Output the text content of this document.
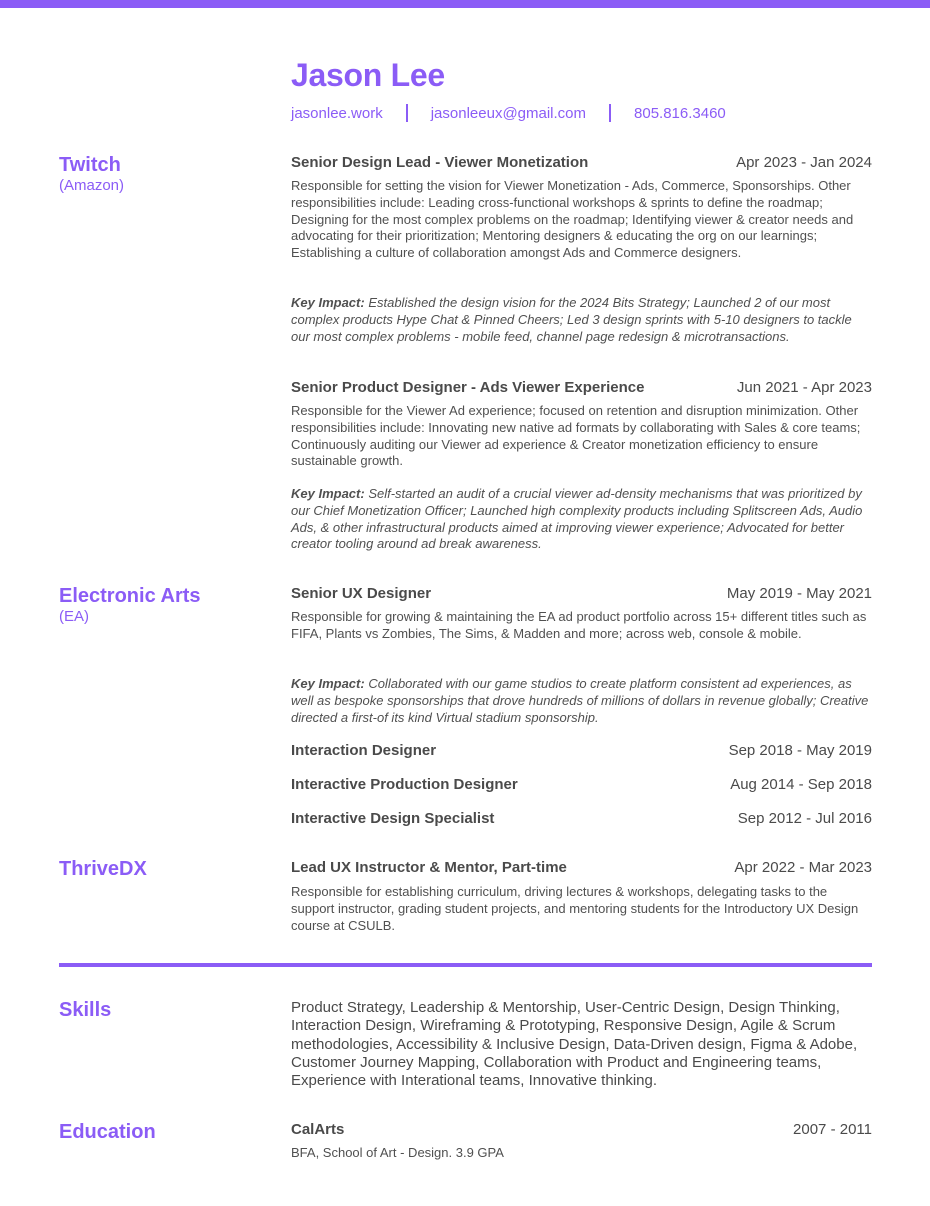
Jason Lee
jasonlee.work	jasonleeux@gmail.com	805.816.3460
Twitch
(Amazon)
Senior Design Lead - Viewer Monetization	Apr 2023 - Jan 2024
Responsible for setting the vision for Viewer Monetization - Ads, Commerce, Sponsorships. Other responsibilities include: Leading cross-functional workshops & sprints to define the roadmap; Designing for the most complex problems on the roadmap; Identifying viewer & creator needs and advocating for their prioritization; Mentoring designers & educating the org on our learnings; Establishing a culture of collaboration amongst Ads and Commerce designers.
Key Impact: Established the design vision for the 2024 Bits Strategy; Launched 2 of our most complex products Hype Chat & Pinned Cheers; Led 3 design sprints with 5-10 designers to tackle our most complex problems - mobile feed, channel page redesign & microtransactions.
Senior Product Designer - Ads Viewer Experience	Jun 2021 - Apr 2023
Responsible for the Viewer Ad experience; focused on retention and disruption minimization. Other responsibilities include: Innovating new native ad formats by collaborating with Sales & core teams; Continuously auditing our Viewer ad experience & Creator monetization efficiency to ensure sustainable growth.
Key Impact: Self-started an audit of a crucial viewer ad-density mechanisms that was prioritized by our Chief Monetization Officer; Launched high complexity products including Splitscreen Ads, Audio Ads, & other infrastructural products aimed at improving viewer experience; Advocated for better creator tooling around ad break awareness.
Electronic Arts
(EA)
Senior UX Designer	May 2019 - May 2021
Responsible for growing & maintaining the EA ad product portfolio across 15+ different titles such as FIFA, Plants vs Zombies, The Sims, & Madden and more; across web, console & mobile.
Key Impact: Collaborated with our game studios to create platform consistent ad experiences, as well as bespoke sponsorships that drove hundreds of millions of dollars in revenue globally; Creative directed a first-of its kind Virtual stadium sponsorship.
Interaction Designer	Sep 2018 - May 2019
Interactive Production Designer	Aug 2014 - Sep 2018
Interactive Design Specialist	Sep 2012 - Jul 2016
ThriveDX	Lead UX Instructor & Mentor, Part-time	Apr 2022 - Mar 2023
Responsible for establishing curriculum, driving lectures & workshops, delegating tasks to the support instructor, grading student projects, and mentoring students for the Introductory UX Design course at CSULB.
Skills	Product Strategy, Leadership & Mentorship, User-Centric Design, Design Thinking, Interaction Design, Wireframing & Prototyping, Responsive Design, Agile & Scrum methodologies, Accessibility & Inclusive Design, Data-Driven design, Figma & Adobe, Customer Journey Mapping, Collaboration with Product and Engineering teams, Experience with Interational teams, Innovative thinking.
Education	CalArts	2007 - 2011
BFA, School of Art - Design. 3.9 GPA
